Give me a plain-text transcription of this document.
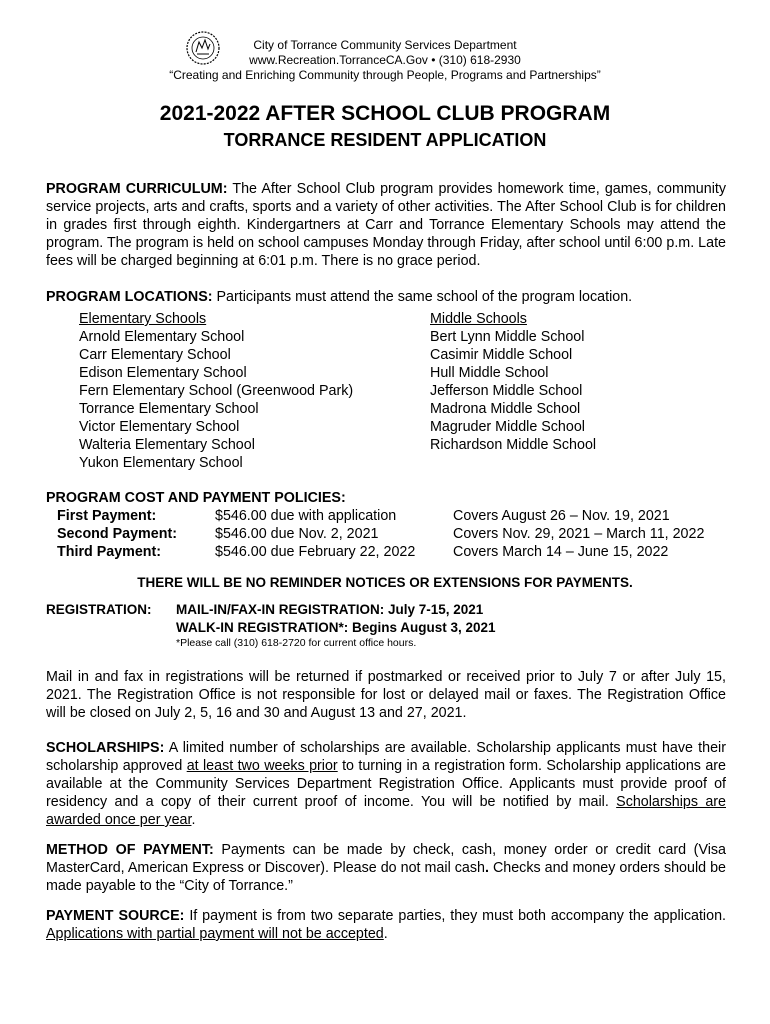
City of Torrance Community Services Department
www.Recreation.TorranceCA.Gov • (310) 618-2930
“Creating and Enriching Community through People, Programs and Partnerships”
2021-2022 AFTER SCHOOL CLUB PROGRAM
TORRANCE RESIDENT APPLICATION
PROGRAM CURRICULUM: The After School Club program provides homework time, games, community service projects, arts and crafts, sports and a variety of other activities. The After School Club is for children in grades first through eighth. Kindergartners at Carr and Torrance Elementary Schools may attend the program. The program is held on school campuses Monday through Friday, after school until 6:00 p.m. Late fees will be charged beginning at 6:01 p.m. There is no grace period.
PROGRAM LOCATIONS: Participants must attend the same school of the program location.
Elementary Schools
Arnold Elementary School
Carr Elementary School
Edison Elementary School
Fern Elementary School (Greenwood Park)
Torrance Elementary School
Victor Elementary School
Walteria Elementary School
Yukon Elementary School
Middle Schools
Bert Lynn Middle School
Casimir Middle School
Hull Middle School
Jefferson Middle School
Madrona Middle School
Magruder Middle School
Richardson Middle School
PROGRAM COST AND PAYMENT POLICIES:
First Payment:	$546.00 due with application	Covers August 26 – Nov. 19, 2021
Second Payment:	$546.00 due Nov. 2, 2021	Covers Nov. 29, 2021 – March 11, 2022
Third Payment:	$546.00 due February 22, 2022	Covers March 14 – June 15, 2022
THERE WILL BE NO REMINDER NOTICES OR EXTENSIONS FOR PAYMENTS.
REGISTRATION: MAIL-IN/FAX-IN REGISTRATION: July 7-15, 2021
WALK-IN REGISTRATION*: Begins August 3, 2021
*Please call (310) 618-2720 for current office hours.
Mail in and fax in registrations will be returned if postmarked or received prior to July 7 or after July 15, 2021. The Registration Office is not responsible for lost or delayed mail or faxes. The Registration Office will be closed on July 2, 5, 16 and 30 and August 13 and 27, 2021.
SCHOLARSHIPS: A limited number of scholarships are available. Scholarship applicants must have their scholarship approved at least two weeks prior to turning in a registration form. Scholarship applications are available at the Community Services Department Registration Office. Applicants must provide proof of residency and a copy of their current proof of income. You will be notified by mail. Scholarships are awarded once per year.
METHOD OF PAYMENT: Payments can be made by check, cash, money order or credit card (Visa MasterCard, American Express or Discover). Please do not mail cash. Checks and money orders should be made payable to the “City of Torrance.”
PAYMENT SOURCE: If payment is from two separate parties, they must both accompany the application. Applications with partial payment will not be accepted.
